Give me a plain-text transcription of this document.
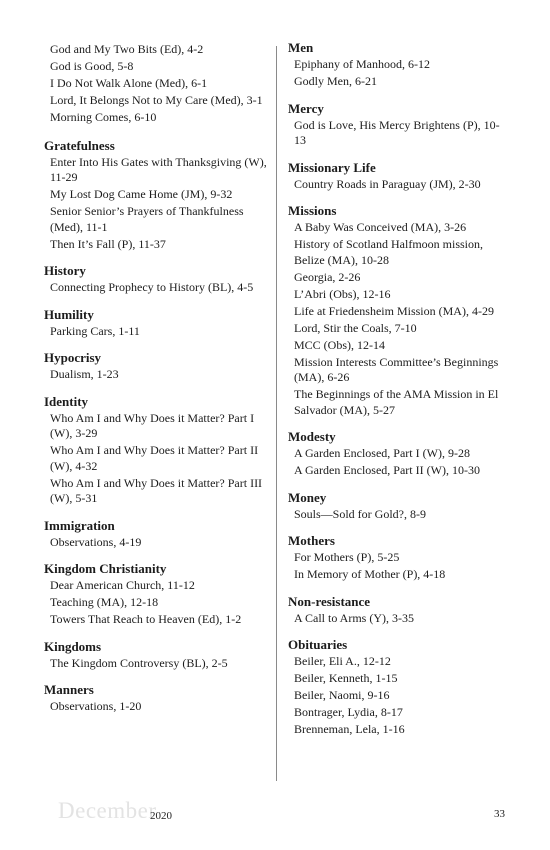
God and My Two Bits (Ed), 4-2
God is Good, 5-8
I Do Not Walk Alone (Med), 6-1
Lord, It Belongs Not to My Care (Med), 3-1
Morning Comes, 6-10
Gratefulness
Enter Into His Gates with Thanksgiving (W), 11-29
My Lost Dog Came Home (JM), 9-32
Senior Senior’s Prayers of Thankfulness (Med), 11-1
Then It’s Fall (P), 11-37
History
Connecting Prophecy to History (BL), 4-5
Humility
Parking Cars, 1-11
Hypocrisy
Dualism, 1-23
Identity
Who Am I and Why Does it Matter? Part I (W), 3-29
Who Am I and Why Does it Matter? Part II (W), 4-32
Who Am I and Why Does it Matter? Part III (W), 5-31
Immigration
Observations, 4-19
Kingdom Christianity
Dear American Church, 11-12
Teaching (MA), 12-18
Towers That Reach to Heaven (Ed), 1-2
Kingdoms
The Kingdom Controversy (BL), 2-5
Manners
Observations, 1-20
Men
Epiphany of Manhood, 6-12
Godly Men, 6-21
Mercy
God is Love, His Mercy Brightens (P), 10-13
Missionary Life
Country Roads in Paraguay (JM), 2-30
Missions
A Baby Was Conceived (MA), 3-26
History of Scotland Halfmoon mission, Belize (MA), 10-28
Georgia, 2-26
L’Abri (Obs), 12-16
Life at Friedensheim Mission (MA), 4-29
Lord, Stir the Coals, 7-10
MCC (Obs), 12-14
Mission Interests Committee’s Beginnings (MA), 6-26
The Beginnings of the AMA Mission in El Salvador (MA), 5-27
Modesty
A Garden Enclosed, Part I (W), 9-28
A Garden Enclosed, Part II (W), 10-30
Money
Souls—Sold for Gold?, 8-9
Mothers
For Mothers (P), 5-25
In Memory of Mother (P), 4-18
Non-resistance
A Call to Arms (Y), 3-35
Obituaries
Beiler, Eli A., 12-12
Beiler, Kenneth, 1-15
Beiler, Naomi, 9-16
Bontrager, Lydia, 8-17
Brenneman, Lela, 1-16
December
2020	33
